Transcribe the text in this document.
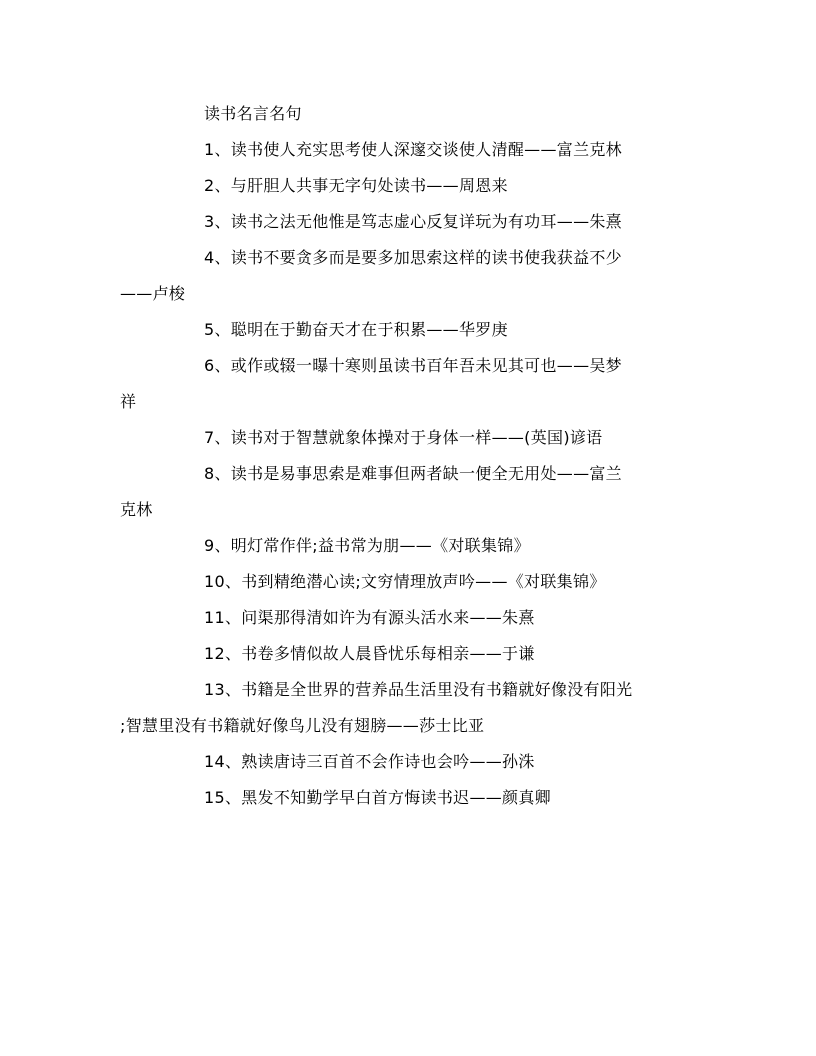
读书名言名句
1、读书使人充实思考使人深邃交谈使人清醒——富兰克林
2、与肝胆人共事无字句处读书——周恩来
3、读书之法无他惟是笃志虚心反复详玩为有功耳——朱熹
4、读书不要贪多而是要多加思索这样的读书使我获益不少
——卢梭
5、聪明在于勤奋天才在于积累——华罗庚
6、或作或辍一曝十寒则虽读书百年吾未见其可也——吴梦
祥
7、读书对于智慧就象体操对于身体一样——(英国)谚语
8、读书是易事思索是难事但两者缺一便全无用处——富兰
克林
9、明灯常作伴;益书常为朋——《对联集锦》
10、书到精绝潜心读;文穷情理放声吟——《对联集锦》
11、问渠那得清如许为有源头活水来——朱熹
12、书卷多情似故人晨昏忧乐每相亲——于谦
13、书籍是全世界的营养品生活里没有书籍就好像没有阳光
;智慧里没有书籍就好像鸟儿没有翅膀——莎士比亚
14、熟读唐诗三百首不会作诗也会吟——孙洙
15、黑发不知勤学早白首方悔读书迟——颜真卿
